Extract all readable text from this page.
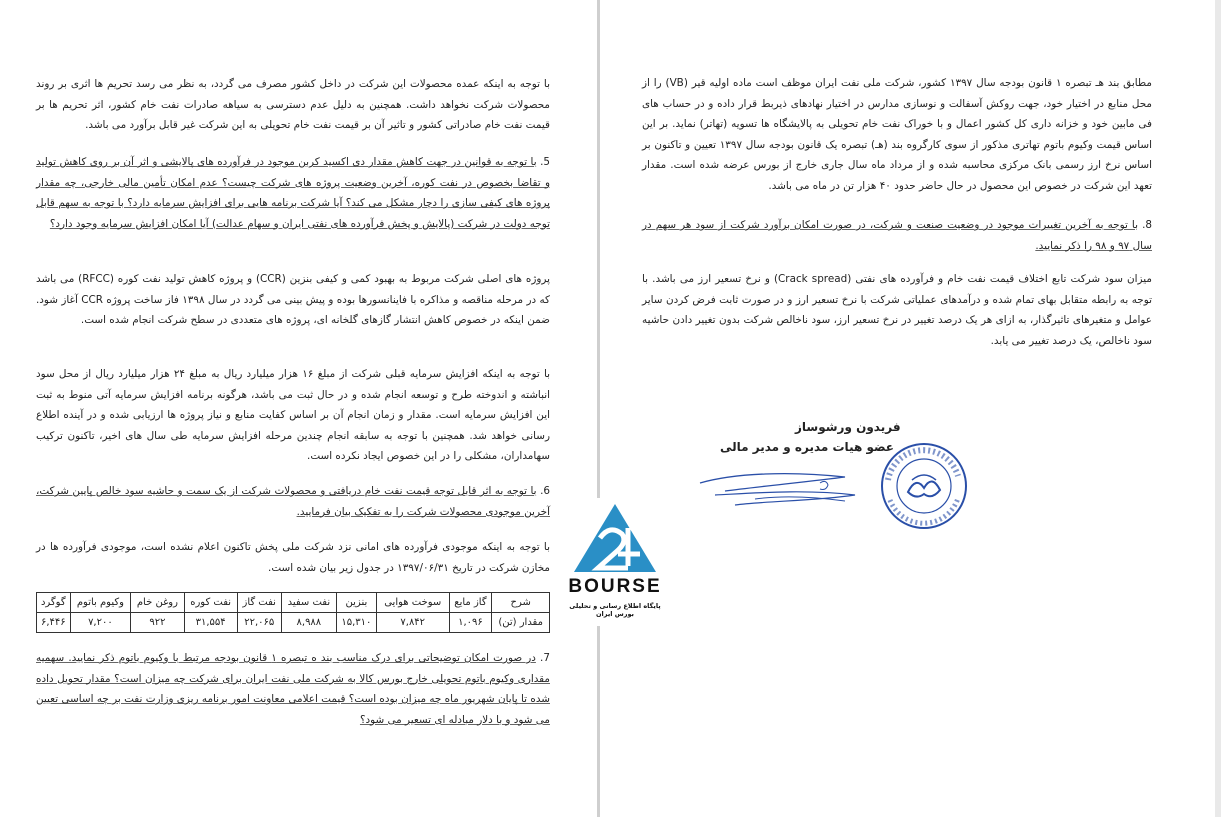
مطابق بند هـ تبصره ۱ قانون بودجه سال ۱۳۹۷ کشور، شرکت ملی نفت ایران موظف است ماده اولیه قیر (VB) را از محل منابع در اختیار خود، جهت روکش آسفالت و نوسازی مدارس در اختیار نهادهای ذیربط قرار داده و در حساب های فی مابین خود و خزانه داری کل کشور اعمال و با خوراک نفت خام تحویلی به پالایشگاه ها تسویه (تهاتر) نماید. بر این اساس قیمت وکیوم باتوم تهاتری مذکور از سوی کارگروه بند (هـ) تبصره یک قانون بودجه سال ۱۳۹۷ تعیین و تاکنون بر اساس نرخ ارز رسمی بانک مرکزی محاسبه شده و از مرداد ماه سال جاری خارج از بورس عرضه شده است. مقدار تعهد این شرکت در خصوص این محصول در حال حاضر حدود ۴۰ هزار تن در ماه می باشد.

8. با توجه به آخرین تغییرات موجود در وضعیت صنعت و شرکت، در صورت امکان برآورد شرکت از سود هر سهم در سال ۹۷ و ۹۸ را ذکر نمایید.

میزان سود شرکت تابع اختلاف قیمت نفت خام و فرآورده های نفتی (Crack spread) و نرخ تسعیر ارز می باشد. با توجه به رابطه متقابل بهای تمام شده و درآمدهای عملیاتی شرکت با نرخ تسعیر ارز و در صورت ثابت فرض کردن سایر عوامل و متغیرهای تاثیرگذار، به ازای هر یک درصد تغییر در نرخ تسعیر ارز، سود ناخالص شرکت بدون تغییر دادن حاشیه سود ناخالص، یک درصد تغییر می یابد.

فریدون ورشوساز
عضو هیات مدیره و مدیر مالی

با توجه به اینکه عمده محصولات این شرکت در داخل کشور مصرف می گردد، به نظر می رسد تحریم ها اثری بر روند محصولات شرکت نخواهد داشت. همچنین به دلیل عدم دسترسی به سیاهه صادرات نفت خام کشور، اثر تحریم ها بر قیمت نفت خام صادراتی کشور و تاثیر آن بر قیمت نفت خام تحویلی به این شرکت غیر قابل برآورد می باشد.

5. با توجه به قوانین در جهت کاهش مقدار دی اکسید کربن موجود در فرآورده های پالایشی و اثر آن بر روی کاهش تولید و تقاضا بخصوص در نفت کوره، آخرین وضعیت پروژه های شرکت چیست؟ عدم امکان تأمین مالی خارجی، چه مقدار پروژه های کیفی سازی را دچار مشکل می کند؟ آیا شرکت برنامه هایی برای افزایش سرمایه دارد؟ با توجه به سهم قابل توجه دولت در شرکت (پالایش و پخش فرآورده های نفتی ایران و سهام عدالت) آیا امکان افزایش سرمایه وجود دارد؟

پروژه های اصلی شرکت مربوط به بهبود کمی و کیفی بنزین (CCR) و پروژه کاهش تولید نفت کوره (RFCC) می باشد که در مرحله مناقصه و مذاکره با فاینانسورها بوده و پیش بینی می گردد در سال ۱۳۹۸ فاز ساخت پروژه CCR آغاز شود. ضمن اینکه در خصوص کاهش انتشار گازهای گلخانه ای، پروژه های متعددی در سطح شرکت انجام شده است.

با توجه به اینکه افزایش سرمایه قبلی شرکت از مبلغ ۱۶ هزار میلیارد ریال به مبلغ ۲۴ هزار میلیارد ریال از محل سود انباشته و اندوخته طرح و توسعه انجام شده و در حال ثبت می باشد، هرگونه برنامه افزایش سرمایه آتی منوط به ثبت این افزایش سرمایه است. مقدار و زمان انجام آن بر اساس کفایت منابع و نیاز پروژه ها ارزیابی شده و در آینده اطلاع رسانی خواهد شد. همچنین با توجه به سابقه انجام چندین مرحله افزایش سرمایه طی سال های اخیر، تاکنون ترکیب سهامداران، مشکلی را در این خصوص ایجاد نکرده است.

6. با توجه به اثر قابل توجه قیمت نفت خام دریافتی و محصولات شرکت از یک سمت و حاشیه سود خالص پایین شرکت، آخرین موجودی محصولات شرکت را به تفکیک بیان فرمایید.

با توجه به اینکه موجودی فرآورده های امانی نزد شرکت ملی پخش تاکنون اعلام نشده است، موجودی فرآورده ها در مخازن شرکت در تاریخ ۱۳۹۷/۰۶/۳۱ در جدول زیر بیان شده است.

شرح	گاز مایع	سوخت هوایی	بنزین	نفت سفید	نفت گاز	نفت کوره	روغن خام	وکیوم باتوم	گوگرد
مقدار (تن)	۱,۰۹۶	۷,۸۴۲	۱۵,۳۱۰	۸,۹۸۸	۲۲,۰۶۵	۳۱,۵۵۴	۹۲۲	۷,۲۰۰	۶,۴۴۶

7. در صورت امکان توضیحاتی برای درک مناسب بند ه تبصره ۱ قانون بودجه مرتبط با وکیوم باتوم ذکر نمایید. سهمیه مقداری وکیوم باتوم تحویلی خارج بورس کالا به شرکت ملی نفت ایران برای شرکت چه میزان است؟ مقدار تحویل داده شده تا پایان شهریور ماه چه میزان بوده است؟ قیمت اعلامی معاونت امور برنامه ریزی وزارت نفت بر چه اساسی تعیین می شود و با دلار مبادله ای تسعیر می شود؟

BOURSE
پایگاه اطلاع رسانی و تحلیلی بورس ایران
